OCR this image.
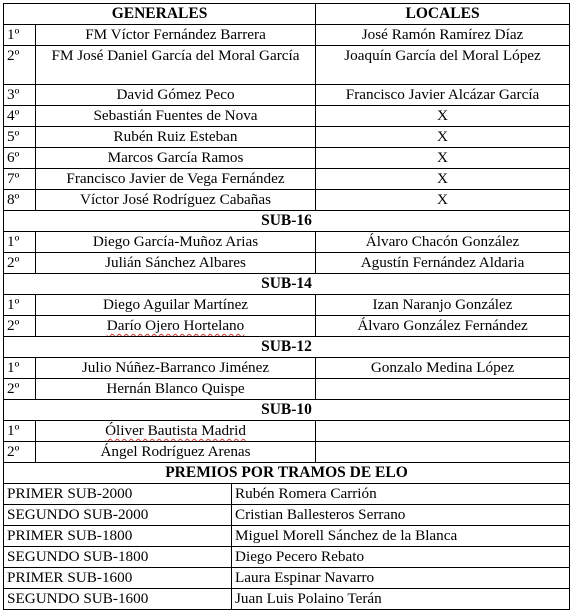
GENERALES			LOCALES
1º	FM Víctor Fernández Barrera		José Ramón Ramírez Díaz
2º	FM José Daniel García del Moral García		Joaquín García del Moral López
3º	David Gómez Peco		Francisco Javier Alcázar García
4º	Sebastián Fuentes de Nova		X
5º	Rubén Ruiz Esteban		X
6º	Marcos García Ramos		X
7º	Francisco Javier de Vega Fernández		X
8º	Víctor José Rodríguez Cabañas		X
SUB-16			
1º	Diego García-Muñoz Arias		Álvaro Chacón González
2º	Julián Sánchez Albares		Agustín Fernández Aldaria
SUB-14			
1º	Diego Aguilar Martínez		Izan Naranjo González
2º	Darío Ojero Hortelano		Álvaro González Fernández
SUB-12			
1º	Julio Núñez-Barranco Jiménez		Gonzalo Medina López
2º	Hernán Blanco Quispe		
SUB-10			
1º	Óliver Bautista Madrid		
2º	Ángel Rodríguez Arenas		
PREMIOS POR TRAMOS DE ELO			
PRIMER SUB-2000		Rubén Romera Carrión	
SEGUNDO SUB-2000		Cristian Ballesteros Serrano	
PRIMER SUB-1800		Miguel Morell Sánchez de la Blanca	
SEGUNDO SUB-1800		Diego Pecero Rebato	
PRIMER SUB-1600		Laura Espinar Navarro	
SEGUNDO SUB-1600		Juan Luis Polaino Terán	
